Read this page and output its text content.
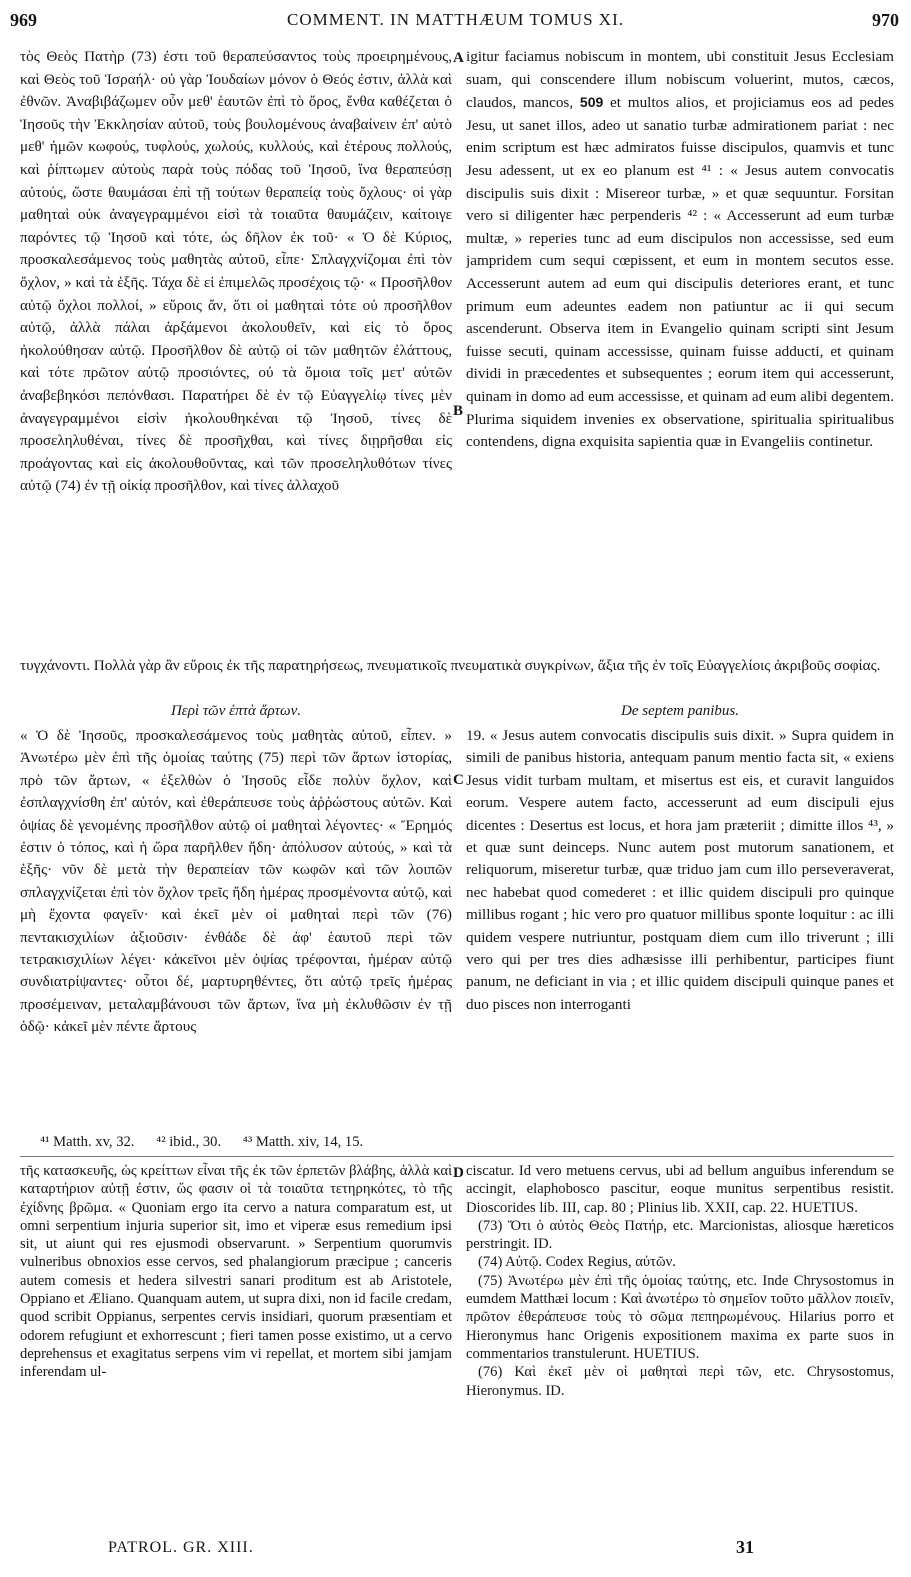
969	COMMENT. IN MATTHÆUM TOMUS XI.	970

τὸς Θεὸς Πατὴρ (73) ἐστι τοῦ θεραπεύσαντος τοὺς προειρημένους, καὶ Θεὸς τοῦ Ἰσραήλ· οὐ γὰρ Ἰουδαίων μόνον ὁ Θεός ἐστιν, ἀλλὰ καὶ ἐθνῶν. Ἀναβιβάζωμεν οὖν μεθ' ἑαυτῶν ἐπὶ τὸ ὄρος, ἔνθα καθέζεται ὁ Ἰησοῦς τὴν Ἐκκλησίαν αὐτοῦ, τοὺς βουλομένους ἀναβαίνειν ἐπ' αὐτὸ μεθ' ἡμῶν κωφούς, τυφλούς, χωλούς, κυλλούς, καὶ ἑτέρους πολλούς, καὶ ῥίπτωμεν αὐτοὺς παρὰ τοὺς πόδας τοῦ Ἰησοῦ, ἵνα θεραπεύσῃ αὐτούς, ὥστε θαυμάσαι ἐπὶ τῇ τούτων θεραπείᾳ τοὺς ὄχλους· οἱ γὰρ μαθηταὶ οὐκ ἀναγεγραμμένοι εἰσὶ τὰ τοιαῦτα θαυμάζειν, καίτοιγε παρόντες τῷ Ἰησοῦ καὶ τότε, ὡς δῆλον ἐκ τοῦ· « Ὁ δὲ Κύριος, προσκαλεσάμενος τοὺς μαθητὰς αὐτοῦ, εἶπε· Σπλαγχνίζομαι ἐπὶ τὸν ὄχλον, » καὶ τὰ ἑξῆς. Τάχα δὲ εἰ ἐπιμελῶς προσέχοις τῷ· « Προσῆλθον αὐτῷ ὄχλοι πολλοί, » εὕροις ἄν, ὅτι οἱ μαθηταὶ τότε οὐ προσῆλθον αὐτῷ, ἀλλὰ πάλαι ἀρξάμενοι ἀκολουθεῖν, καὶ εἰς τὸ ὄρος ἠκολούθησαν αὐτῷ. Προσῆλθον δὲ αὐτῷ οἱ τῶν μαθητῶν ἐλάττους, καὶ τότε πρῶτον αὐτῷ προσιόντες, οὐ τὰ ὅμοια τοῖς μετ' αὐτῶν ἀναβεβηκόσι πεπόνθασι. Παρατήρει δὲ ἐν τῷ Εὐαγγελίῳ τίνες μὲν ἀναγεγραμμένοι εἰσὶν ἠκολουθηκέναι τῷ Ἰησοῦ, τίνες δὲ προσεληλυθέναι, τίνες δὲ προσῆχθαι, καὶ τίνες διῃρῆσθαι εἰς προάγοντας καὶ εἰς ἀκολουθοῦντας, καὶ τῶν προσεληλυθότων τίνες αὐτῷ (74) ἐν τῇ οἰκίᾳ προσῆλθον, καὶ τίνες ἀλλαχοῦ

igitur faciamus nobiscum in montem, ubi constituit Jesus Ecclesiam suam, qui conscendere illum nobiscum voluerint, mutos, cæcos, claudos, mancos, 509 et multos alios, et projiciamus eos ad pedes Jesu, ut sanet illos, adeo ut sanatio turbæ admirationem pariat : nec enim scriptum est hæc admiratos fuisse discipulos, quamvis et tunc Jesu adessent, ut ex eo planum est ⁴¹ : « Jesus autem convocatis discipulis suis dixit : Misereor turbæ, » et quæ sequuntur. Forsitan vero si diligenter hæc perpenderis ⁴² : « Accesserunt ad eum turbæ multæ, » reperies tunc ad eum discipulos non accessisse, sed eum jampridem cum sequi cœpissent, et eum in montem secutos esse. Accesserunt autem ad eum qui discipulis deteriores erant, et tunc primum eum adeuntes eadem non patiuntur ac ii qui secum ascenderunt. Observa item in Evangelio quinam scripti sint Jesum fuisse secuti, quinam accessisse, quinam fuisse adducti, et quinam dividi in præcedentes et subsequentes ; eorum item qui accesserunt, quinam in domo ad eum accessisse, et quinam ad eum alibi degentem. Plurima siquidem invenies ex observatione, spiritualia spiritualibus contendens, digna exquisita sapientia quæ in Evangeliis continetur.

τυγχάνοντι. Πολλὰ γὰρ ἂν εὕροις ἐκ τῆς παρατηρήσεως, πνευματικοῖς πνευματικὰ συγκρίνων, ἄξια τῆς ἐν τοῖς Εὐαγγελίοις ἀκριβοῦς σοφίας.
Περὶ τῶν ἑπτὰ ἄρτων.	De septem panibus.

« Ὁ δὲ Ἰησοῦς, προσκαλεσάμενος τοὺς μαθητὰς αὐτοῦ, εἶπεν. » Ἀνωτέρω μὲν ἐπὶ τῆς ὁμοίας ταύτης (75) περὶ τῶν ἄρτων ἱστορίας, πρὸ τῶν ἄρτων, « ἐξελθὼν ὁ Ἰησοῦς εἶδε πολὺν ὄχλον, καὶ ἐσπλαγχνίσθη ἐπ' αὐτόν, καὶ ἐθεράπευσε τοὺς ἀῤῥώστους αὐτῶν. Καὶ ὀψίας δὲ γενομένης προσῆλθον αὐτῷ οἱ μαθηταὶ λέγοντες· « Ἔρημός ἐστιν ὁ τόπος, καὶ ἡ ὥρα παρῆλθεν ἤδη· ἀπόλυσον αὐτούς, » καὶ τὰ ἑξῆς· νῦν δὲ μετὰ τὴν θεραπείαν τῶν κωφῶν καὶ τῶν λοιπῶν σπλαγχνίζεται ἐπὶ τὸν ὄχλον τρεῖς ἤδη ἡμέρας προσμένοντα αὐτῷ, καὶ μὴ ἔχοντα φαγεῖν· καὶ ἐκεῖ μὲν οἱ μαθηταὶ περὶ τῶν (76) πεντακισχιλίων ἀξιοῦσιν· ἐνθάδε δὲ ἀφ' ἑαυτοῦ περὶ τῶν τετρακισχιλίων λέγει· κἀκεῖνοι μὲν ὀψίας τρέφονται, ἡμέραν αὐτῷ συνδιατρίψαντες· οὗτοι δέ, μαρτυρηθέντες, ὅτι αὐτῷ τρεῖς ἡμέρας προσέμειναν, μεταλαμβάνουσι τῶν ἄρτων, ἵνα μὴ ἐκλυθῶσιν ἐν τῇ ὁδῷ· κἀκεῖ μὲν πέντε ἄρτους

19. « Jesus autem convocatis discipulis suis dixit. » Supra quidem in simili de panibus historia, antequam panum mentio facta sit, « exiens Jesus vidit turbam multam, et misertus est eis, et curavit languidos eorum. Vespere autem facto, accesserunt ad eum discipuli ejus dicentes : Desertus est locus, et hora jam præteriit ; dimitte illos ⁴³, » et quæ sunt deinceps. Nunc autem post mutorum sanationem, et reliquorum, miseretur turbæ, quæ triduo jam cum illo perseveraverat, nec habebat quod comederet : et illic quidem discipuli pro quinque millibus rogant ; hic vero pro quatuor millibus sponte loquitur : ac illi quidem vespere nutriuntur, postquam diem cum illo triverunt ; illi vero qui per tres dies adhæsisse illi perhibentur, participes fiunt panum, ne deficiant in via ; et illic quidem discipuli quinque panes et duo pisces non interroganti

A
B
C
D
⁴¹ Matth. xv, 32. ⁴² ibid., 30. ⁴³ Matth. xiv, 14, 15.

τῆς κατασκευῆς, ὡς κρείττων εἶναι τῆς ἐκ τῶν ἑρπετῶν βλάβης, ἀλλὰ καὶ καταρτήριον αὐτῇ ἐστιν, ὥς φασιν οἱ τὰ τοιαῦτα τετηρηκότες, τὸ τῆς ἐχίδνης βρῶμα. « Quoniam ergo ita cervo a natura comparatum est, ut omni serpentium injuria superior sit, imo et viperæ esus remedium ipsi sit, ut aiunt qui res ejusmodi observarunt. » Serpentium quorumvis vulneribus obnoxios esse cervos, sed phalangiorum præcipue ; canceris autem comesis et hedera silvestri sanari proditum est ab Aristotele, Oppiano et Æliano. Quanquam autem, ut supra dixi, non id facile credam, quod scribit Oppianus, serpentes cervis insidiari, quorum præsentiam et odorem refugiunt et exhorrescunt ; fieri tamen posse existimo, ut a cervo deprehensus et exagitatus serpens vim vi repellat, et mortem sibi jamjam inferendam ul-

ciscatur. Id vero metuens cervus, ubi ad bellum anguibus inferendum se accingit, elaphobosco pascitur, eoque munitus serpentibus resistit. Dioscorides lib. III, cap. 80 ; Plinius lib. XXII, cap. 22. HUETIUS.

(73) Ὅτι ὁ αὐτὸς Θεὸς Πατήρ, etc. Marcionistas, aliosque hæreticos perstringit. ID.

(74) Αὐτῷ. Codex Regius, αὐτῶν.

(75) Ἀνωτέρω μὲν ἐπὶ τῆς ὁμοίας ταύτης, etc. Inde Chrysostomus in eumdem Matthæi locum : Καὶ ἀνωτέρω τὸ σημεῖον τοῦτο μᾶλλον ποιεῖν, πρῶτον ἐθεράπευσε τοὺς τὸ σῶμα πεπηρωμένους. Hilarius porro et Hieronymus hanc Origenis expositionem maxima ex parte suos in commentarios transtulerunt. HUETIUS.

(76) Καὶ ἐκεῖ μὲν οἱ μαθηταὶ περὶ τῶν, etc. Chrysostomus, Hieronymus. ID.

PATROL. GR. XIII.	31
